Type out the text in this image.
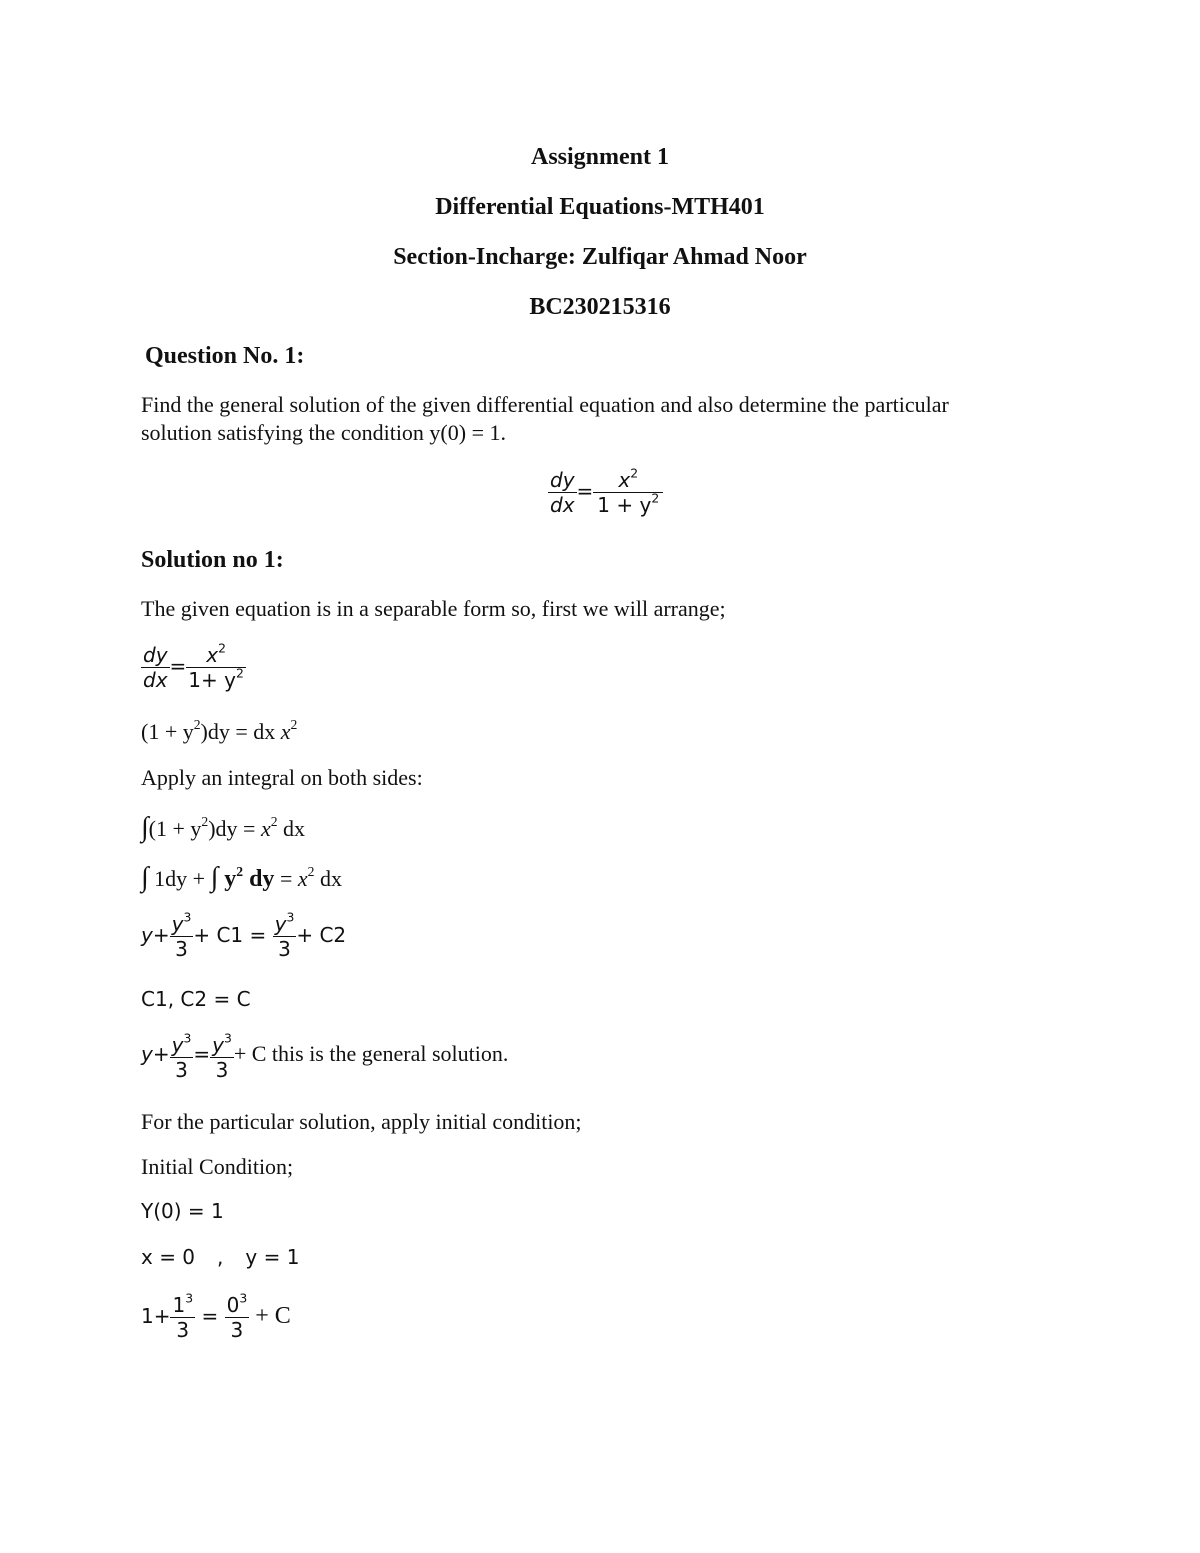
Assignment 1
Differential Equations-MTH401
Section-Incharge: Zulfiqar Ahmad Noor
BC230215316
Question No. 1:
Find the general solution of the given differential equation and also determine the particular
solution satisfying the condition y(0) = 1.
$\frac{dy}{dx} = \frac{x^2}{1 + y^2}$
Solution no 1:
The given equation is in a separable form so, first we will arrange;
$\frac{dy}{dx} = \frac{x^2}{1+ y^2}$
$(1 + y^2)dy$ = dx $x^2$
Apply an integral on both sides:
$\int(1 + y^2)dy = x^2$ dx
∫ 1dy + ∫ $y^2$ dy = $x^2$ dx
$y+ \frac{y^3}{3} + C1 = \frac{y^3}{3} + C2$
C1, C2 = C
$y+ \frac{y^3}{3} = \frac{y^3}{3} + C$ this is the general solution.
For the particular solution, apply initial condition;
Initial Condition;
Y(0) = 1
x = 0 , y = 1
$1+ \frac{1^3}{3} = \frac{0^3}{3} + C$
